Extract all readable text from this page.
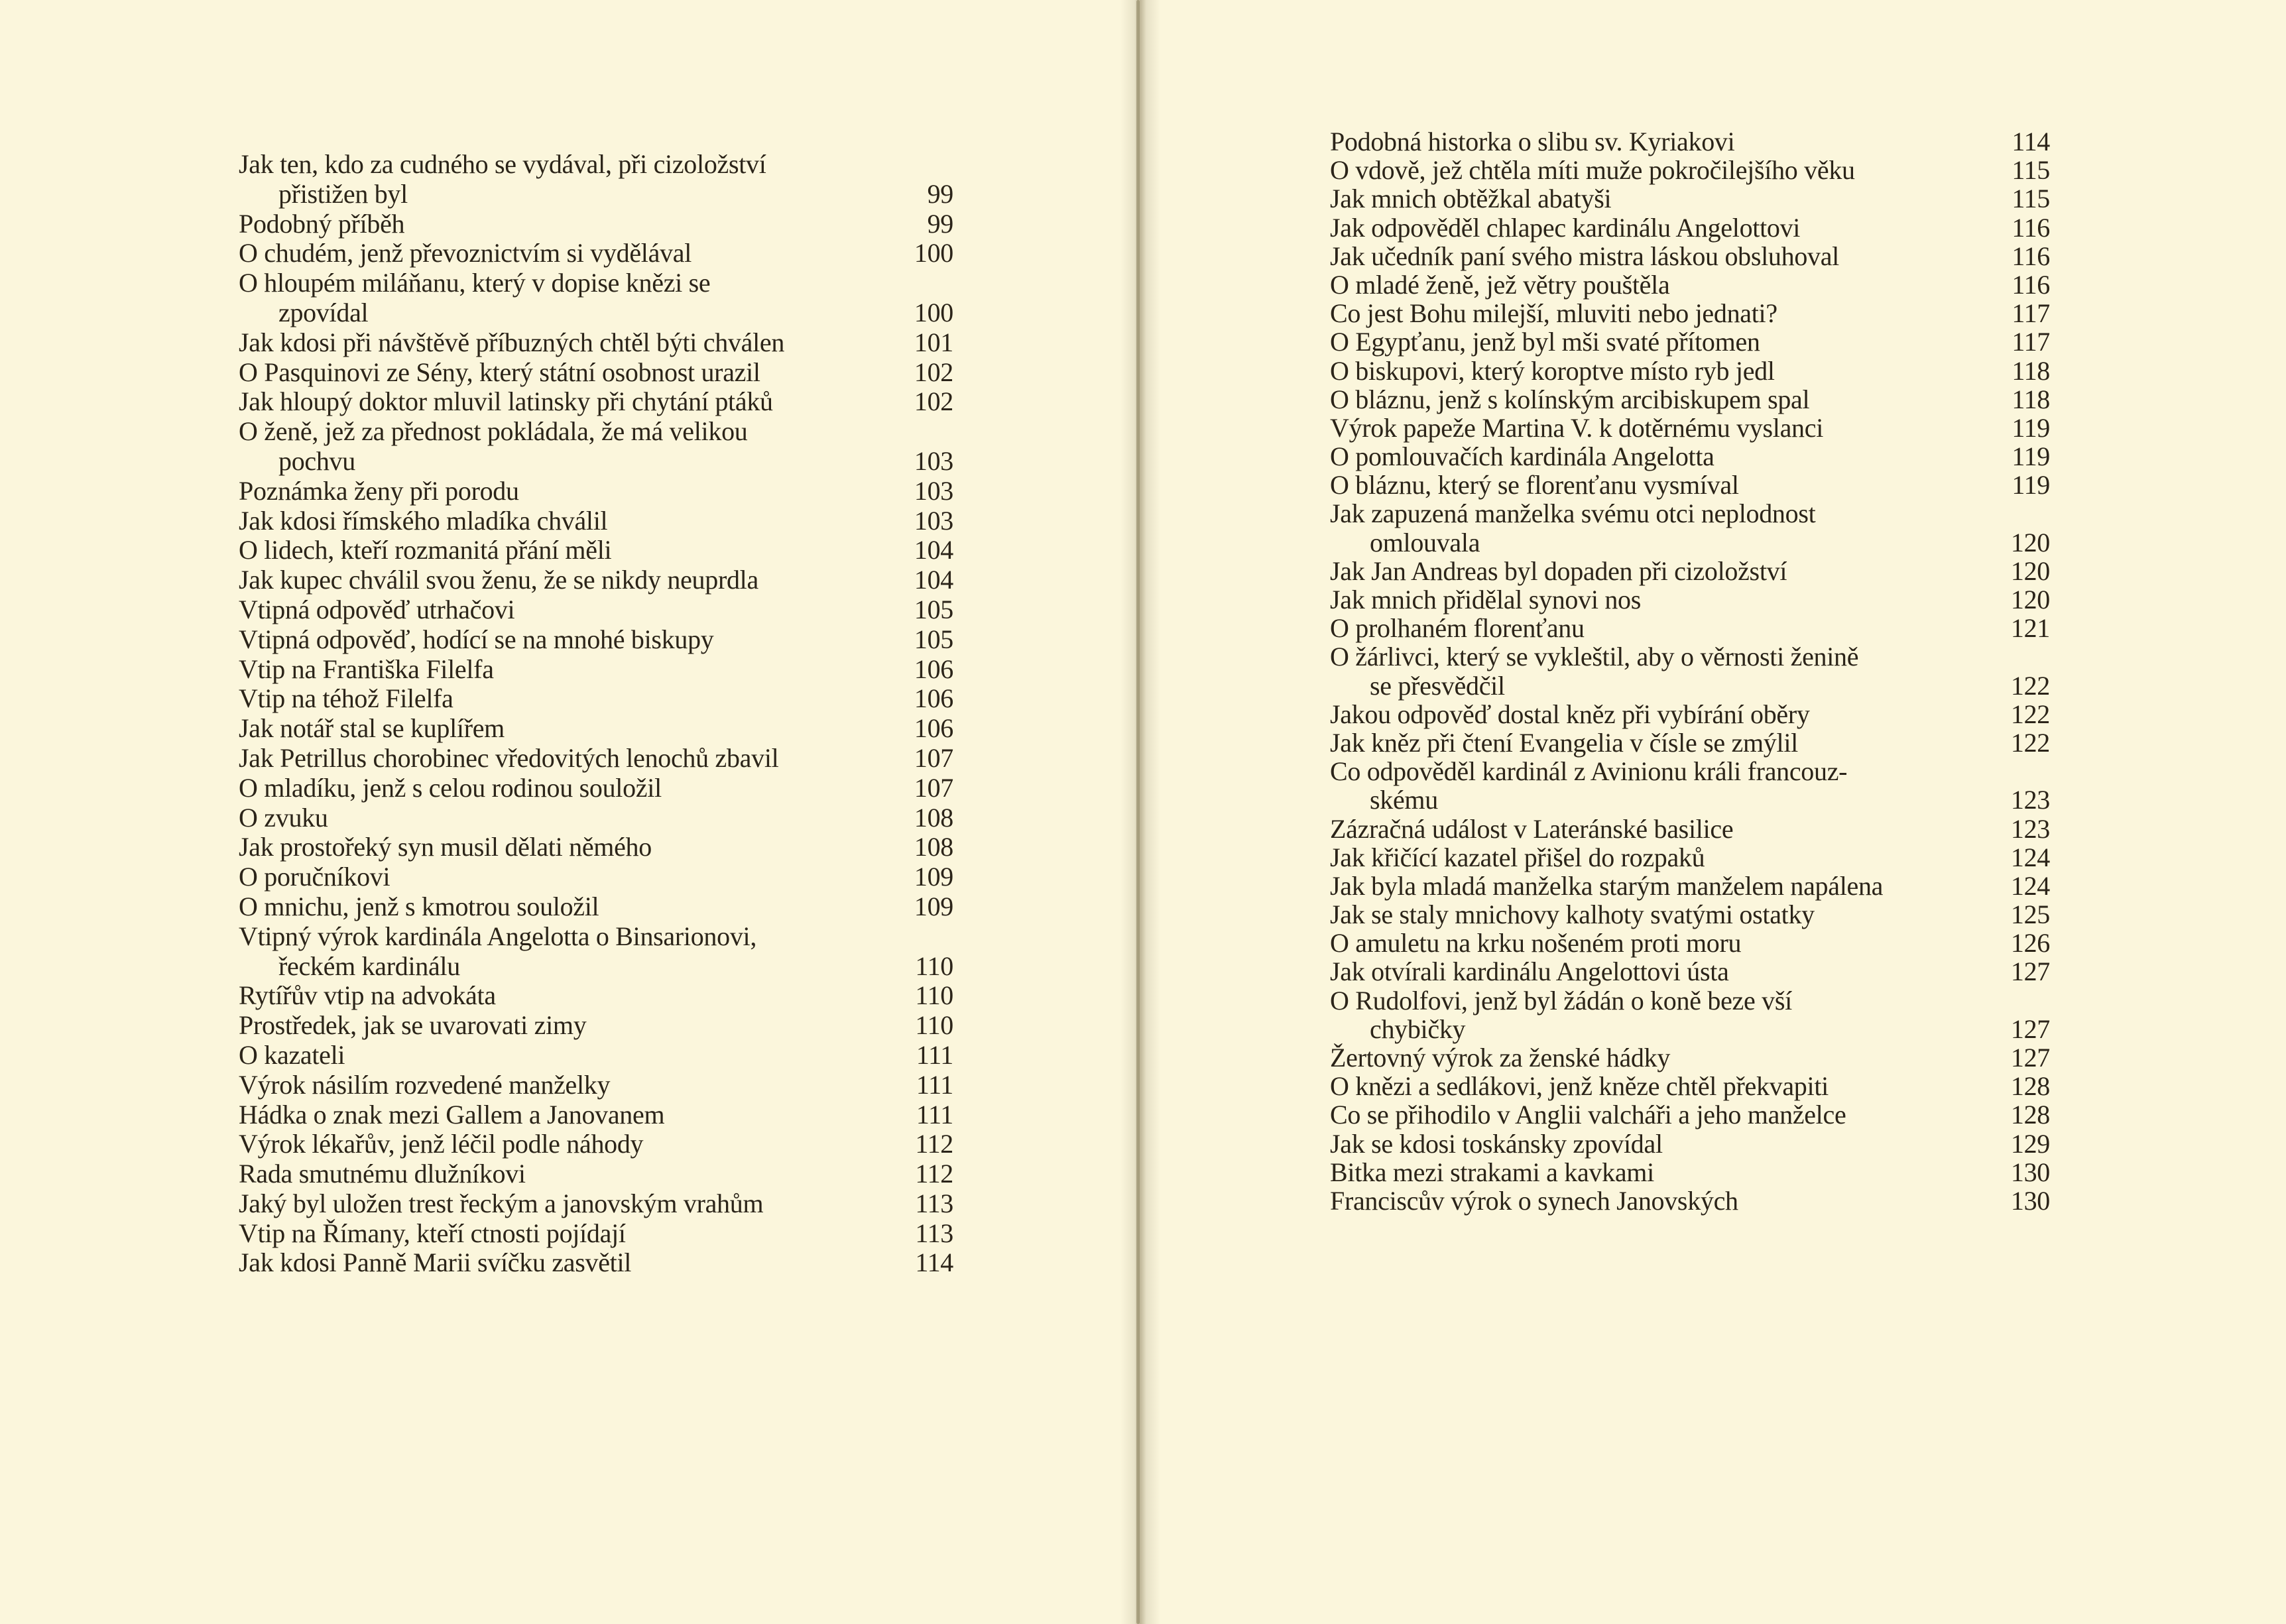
Jak ten, kdo za cudného se vydával, při cizoložství
přistižen byl	99
Podobný příběh	99
O chudém, jenž převoznictvím si vydělával	100
O hloupém miláňanu, který v dopise knězi se
zpovídal	100
Jak kdosi při návštěvě příbuzných chtěl býti chválen	101
O Pasquinovi ze Sény, který státní osobnost urazil	102
Jak hloupý doktor mluvil latinsky při chytání ptáků	102
O ženě, jež za přednost pokládala, že má velikou
pochvu	103
Poznámka ženy při porodu	103
Jak kdosi římského mladíka chválil	103
O lidech, kteří rozmanitá přání měli	104
Jak kupec chválil svou ženu, že se nikdy neuprdla	104
Vtipná odpověď utrhačovi	105
Vtipná odpověď, hodící se na mnohé biskupy	105
Vtip na Františka Filelfa	106
Vtip na téhož Filelfa	106
Jak notář stal se kuplířem	106
Jak Petrillus chorobinec vředovitých lenochů zbavil	107
O mladíku, jenž s celou rodinou souložil	107
O zvuku	108
Jak prostořeký syn musil dělati němého	108
O poručníkovi	109
O mnichu, jenž s kmotrou souložil	109
Vtipný výrok kardinála Angelotta o Binsarionovi,
řeckém kardinálu	110
Rytířův vtip na advokáta	110
Prostředek, jak se uvarovati zimy	110
O kazateli	111
Výrok násilím rozvedené manželky	111
Hádka o znak mezi Gallem a Janovanem	111
Výrok lékařův, jenž léčil podle náhody	112
Rada smutnému dlužníkovi	112
Jaký byl uložen trest řeckým a janovským vrahům	113
Vtip na Římany, kteří ctnosti pojídají	113
Jak kdosi Panně Marii svíčku zasvětil	114
Podobná historka o slibu sv. Kyriakovi	114
O vdově, jež chtěla míti muže pokročilejšího věku	115
Jak mnich obtěžkal abatyši	115
Jak odpověděl chlapec kardinálu Angelottovi	116
Jak učedník paní svého mistra láskou obsluhoval	116
O mladé ženě, jež větry pouštěla	116
Co jest Bohu milejší, mluviti nebo jednati?	117
O Egypťanu, jenž byl mši svaté přítomen	117
O biskupovi, který koroptve místo ryb jedl	118
O bláznu, jenž s kolínským arcibiskupem spal	118
Výrok papeže Martina V. k dotěrnému vyslanci	119
O pomlouvačích kardinála Angelotta	119
O bláznu, který se florenťanu vysmíval	119
Jak zapuzená manželka svému otci neplodnost
omlouvala	120
Jak Jan Andreas byl dopaden při cizoložství	120
Jak mnich přidělal synovi nos	120
O prolhaném florenťanu	121
O žárlivci, který se vykleštil, aby o věrnosti ženině
se přesvědčil	122
Jakou odpověď dostal kněz při vybírání oběry	122
Jak kněz při čtení Evangelia v čísle se zmýlil	122
Co odpověděl kardinál z Avinionu králi francouz-
skému	123
Zázračná událost v Lateránské basilice	123
Jak křičící kazatel přišel do rozpaků	124
Jak byla mladá manželka starým manželem napálena	124
Jak se staly mnichovy kalhoty svatými ostatky	125
O amuletu na krku nošeném proti moru	126
Jak otvírali kardinálu Angelottovi ústa	127
O Rudolfovi, jenž byl žádán o koně beze vší
chybičky	127
Žertovný výrok za ženské hádky	127
O knězi a sedlákovi, jenž kněze chtěl překvapiti	128
Co se přihodilo v Anglii valcháři a jeho manželce	128
Jak se kdosi toskánsky zpovídal	129
Bitka mezi strakami a kavkami	130
Franciscův výrok o synech Janovských	130
